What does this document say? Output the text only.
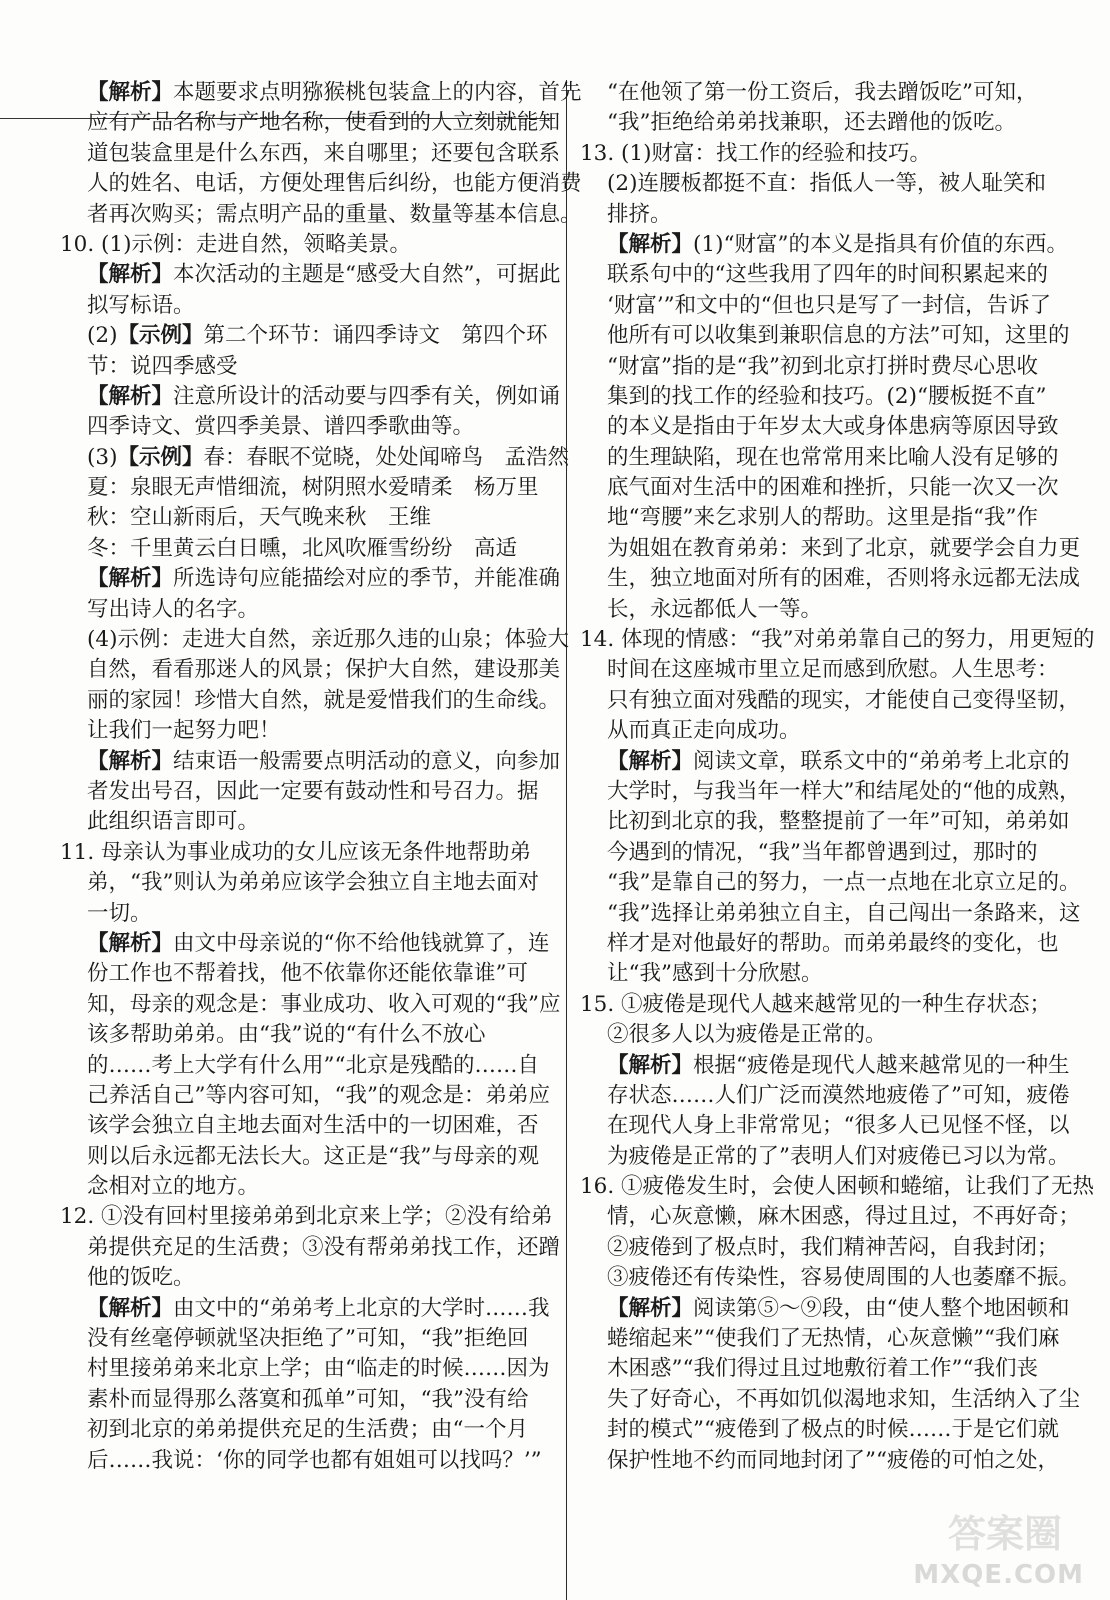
【解析】本题要求点明猕猴桃包装盒上的内容，首先
应有产品名称与产地名称，使看到的人立刻就能知
道包装盒里是什么东西，来自哪里；还要包含联系
人的姓名、电话，方便处理售后纠纷，也能方便消费
者再次购买；需点明产品的重量、数量等基本信息。
10. (1)示例：走进自然，领略美景。
【解析】本次活动的主题是“感受大自然”，可据此
拟写标语。
(2)【示例】第二个环节：诵四季诗文　第四个环
节：说四季感受
【解析】注意所设计的活动要与四季有关，例如诵
四季诗文、赏四季美景、谱四季歌曲等。
(3)【示例】春：春眠不觉晓，处处闻啼鸟　孟浩然
夏：泉眼无声惜细流，树阴照水爱晴柔　杨万里
秋：空山新雨后，天气晚来秋　王维
冬：千里黄云白日曛，北风吹雁雪纷纷　高适
【解析】所选诗句应能描绘对应的季节，并能准确
写出诗人的名字。
(4)示例：走进大自然，亲近那久违的山泉；体验大
自然，看看那迷人的风景；保护大自然，建设那美
丽的家园！珍惜大自然，就是爱惜我们的生命线。
让我们一起努力吧！
【解析】结束语一般需要点明活动的意义，向参加
者发出号召，因此一定要有鼓动性和号召力。据
此组织语言即可。
11. 母亲认为事业成功的女儿应该无条件地帮助弟
弟，“我”则认为弟弟应该学会独立自主地去面对
一切。
【解析】由文中母亲说的“你不给他钱就算了，连
份工作也不帮着找，他不依靠你还能依靠谁”可
知，母亲的观念是：事业成功、收入可观的“我”应
该多帮助弟弟。由“我”说的“有什么不放心
的……考上大学有什么用”“北京是残酷的……自
己养活自己”等内容可知，“我”的观念是：弟弟应
该学会独立自主地去面对生活中的一切困难，否
则以后永远都无法长大。这正是“我”与母亲的观
念相对立的地方。
12. ①没有回村里接弟弟到北京来上学；②没有给弟
弟提供充足的生活费；③没有帮弟弟找工作，还蹭
他的饭吃。
【解析】由文中的“弟弟考上北京的大学时……我
没有丝毫停顿就坚决拒绝了”可知，“我”拒绝回
村里接弟弟来北京上学；由“临走的时候……因为
素朴而显得那么落寞和孤单”可知，“我”没有给
初到北京的弟弟提供充足的生活费；由“一个月
后……我说：‘你的同学也都有姐姐可以找吗？’”
“在他领了第一份工资后，我去蹭饭吃”可知，
“我”拒绝给弟弟找兼职，还去蹭他的饭吃。
13. (1)财富：找工作的经验和技巧。
(2)连腰板都挺不直：指低人一等，被人耻笑和
排挤。
【解析】(1)“财富”的本义是指具有价值的东西。
联系句中的“这些我用了四年的时间积累起来的
‘财富’”和文中的“但也只是写了一封信，告诉了
他所有可以收集到兼职信息的方法”可知，这里的
“财富”指的是“我”初到北京打拼时费尽心思收
集到的找工作的经验和技巧。(2)“腰板挺不直”
的本义是指由于年岁太大或身体患病等原因导致
的生理缺陷，现在也常常用来比喻人没有足够的
底气面对生活中的困难和挫折，只能一次又一次
地“弯腰”来乞求别人的帮助。这里是指“我”作
为姐姐在教育弟弟：来到了北京，就要学会自力更
生，独立地面对所有的困难，否则将永远都无法成
长，永远都低人一等。
14. 体现的情感：“我”对弟弟靠自己的努力，用更短的
时间在这座城市里立足而感到欣慰。人生思考：
只有独立面对残酷的现实，才能使自己变得坚韧，
从而真正走向成功。
【解析】阅读文章，联系文中的“弟弟考上北京的
大学时，与我当年一样大”和结尾处的“他的成熟，
比初到北京的我，整整提前了一年”可知，弟弟如
今遇到的情况，“我”当年都曾遇到过，那时的
“我”是靠自己的努力，一点一点地在北京立足的。
“我”选择让弟弟独立自主，自己闯出一条路来，这
样才是对他最好的帮助。而弟弟最终的变化，也
让“我”感到十分欣慰。
15. ①疲倦是现代人越来越常见的一种生存状态；
②很多人以为疲倦是正常的。
【解析】根据“疲倦是现代人越来越常见的一种生
存状态……人们广泛而漠然地疲倦了”可知，疲倦
在现代人身上非常常见；“很多人已见怪不怪，以
为疲倦是正常的了”表明人们对疲倦已习以为常。
16. ①疲倦发生时，会使人困顿和蜷缩，让我们了无热
情，心灰意懒，麻木困惑，得过且过，不再好奇；
②疲倦到了极点时，我们精神苦闷，自我封闭；
③疲倦还有传染性，容易使周围的人也萎靡不振。
【解析】阅读第⑤～⑨段，由“使人整个地困顿和
蜷缩起来”“使我们了无热情，心灰意懒”“我们麻
木困惑”“我们得过且过地敷衍着工作”“我们丧
失了好奇心，不再如饥似渴地求知，生活纳入了尘
封的模式”“疲倦到了极点的时候……于是它们就
保护性地不约而同地封闭了”“疲倦的可怕之处，
答案圈
MXQE.COM
